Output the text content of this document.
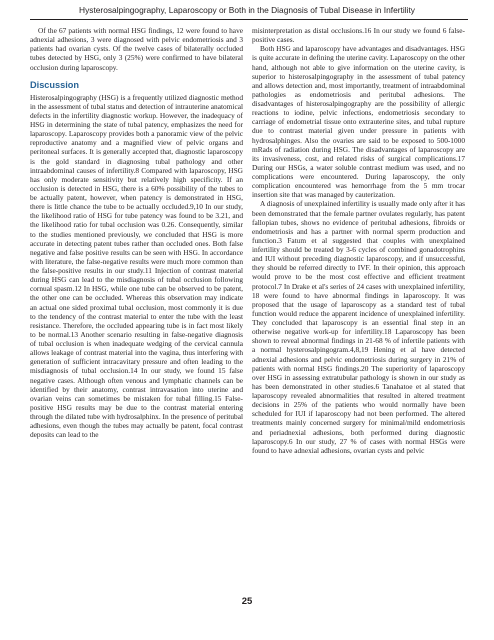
Hysterosalpingography, Laparoscopy or Both in the Diagnosis of Tubal Disease in Infertility

Of the 67 patients with normal HSG findings, 12 were found to have adnexial adhesions, 3 were diagnosed with pelvic endometriosis and 3 patients had ovarian cysts. Of the twelve cases of bilaterally occluded tubes detected by HSG, only 3 (25%) were confirmed to have bilateral occlusion during laparoscopy.

Discussion

Histerosalpingography (HSG) is a frequently utilized diagnostic method in the assessment of tubal status and detection of intrauterine anatomical defects in the infertility diagnostic workup. However, the inadequacy of HSG in determining the state of tubal patency, emphasizes the need for laparoscopy. Laparoscopy provides both a panoramic view of the pelvic reproductive anatomy and a magnified view of pelvic organs and peritoneal surfaces. It is generally accepted that, diagnostic laparoscopy is the gold standard in diagnosing tubal pathology and other intraabdominal causes of infertility.8 Compared with laparoscopy, HSG has only moderate sensitivity but relatively high specificity. If an occlusion is detected in HSG, there is a 60% possibility of the tubes to be actually patent, however, when patency is demonstrated in HSG, there is little chance the tube to be actually occluded.9,10 In our study, the likelihood ratio of HSG for tube patency was found to be 3.21, and the likelihood ratio for tubal occlusion was 0.26. Consequently, similar to the studies mentioned previously, we concluded that HSG is more accurate in detecting patent tubes rather than occluded ones. Both false negative and false positive results can be seen with HSG. In accordance with literature, the false-negative results were much more common than the false-positive results in our study.11 Injection of contrast material during HSG can lead to the misdiagnosis of tubal occlusion following cornual spasm.12 In HSG, while one tube can be observed to be patent, the other one can be occluded. Whereas this observation may indicate an actual one sided proximal tubal occlusion, most commonly it is due to the tendency of the contrast material to enter the tube with the least resistance. Therefore, the occluded appearing tube is in fact most likely to be normal.13 Another scenario resulting in false-negative diagnosis of tubal occlusion is when inadequate wedging of the cervical cannula allows leakage of contrast material into the vagina, thus interfering with generation of sufficient intracavitary pressure and often leading to the misdiagnosis of tubal occlusion.14 In our study, we found 15 false negative cases. Although often venous and lymphatic channels can be identified by their anatomy, contrast intravasation into uterine and ovarian veins can sometimes be mistaken for tubal filling.15 False-positive HSG results may be due to the contrast material entering through the dilated tube with hydrosalphinx. In the presence of peritubal adhesions, even though the tubes may actually be patent, focal contrast deposits can lead to the

misinterpretation as distal occlusions.16 In our study we found 6 false-positive cases.

Both HSG and laparoscopy have advantages and disadvantages. HSG is quite accurate in defining the uterine cavity. Laparoscopy on the other hand, although not able to give information on the uterine cavity, is superior to histerosalpingography in the assessment of tubal patency and allows detection and, most importantly, treatment of intraabdominal pathologies as endometriosis and peritubal adhesions. The disadvantages of histerosalpingography are the possibility of allergic reactions to iodine, pelvic infections, endometriosis secondary to carriage of endometrial tissue onto extrauterine sites, and tubal rupture due to contrast material given under pressure in patients with hydrosalphinges. Also the ovaries are said to be exposed to 500-1000 mRads of radiation during HSG. The disadvantages of laparoscopy are its invasiveness, cost, and related risks of surgical complications.17 During our HSGs, a water soluble contrast medium was used, and no complications were encountered. During laparoscopy, the only complication encountered was hemorrhage from the 5 mm trocar insertion site that was managed by cauterization.

A diagnosis of unexplained infertility is usually made only after it has been demonstrated that the female partner ovulates regularly, has patent fallopian tubes, shows no evidence of peritubal adhesions, fibroids or endometriosis and has a partner with normal sperm production and function.3 Fatum et al suggested that couples with unexplained infertility should be treated by 3-6 cycles of combined gonadotrophins and IUI without preceding diagnostic laparoscopy, and if unsuccessful, they should be referred directly to IVF. In their opinion, this approach would prove to be the most cost effective and efficient treatment protocol.7 In Drake et al's series of 24 cases with unexplained infertility, 18 were found to have abnormal findings in laparoscopy. It was proposed that the usage of laparoscopy as a standard test of tubal function would reduce the apparent incidence of unexplained infertility. They concluded that laparoscopy is an essential final step in an otherwise negative work-up for infertility.18 Laparoscopy has been shown to reveal abnormal findings in 21-68 % of infertile patients with a normal hysterosalpingogram.4,8,19 Hening et al have detected adnexial adhesions and pelvic endometriosis during surgery in 21% of patients with normal HSG findings.20 The superiority of laparoscopy over HSG in assessing extratubular pathology is shown in our study as has been demonstrated in other studies.6 Tanahatoe et al stated that laparoscopy revealed abnormalities that resulted in altered treatment decisions in 25% of the patients who would normally have been scheduled for IUI if laparoscopy had not been performed. The altered treatments mainly concerned surgery for minimal/mild endometriosis and periadnexial adhesions, both performed during diagnostic laparoscopy.6 In our study, 27 % of cases with normal HSGs were found to have adnexial adhesions, ovarian cysts and pelvic

25
